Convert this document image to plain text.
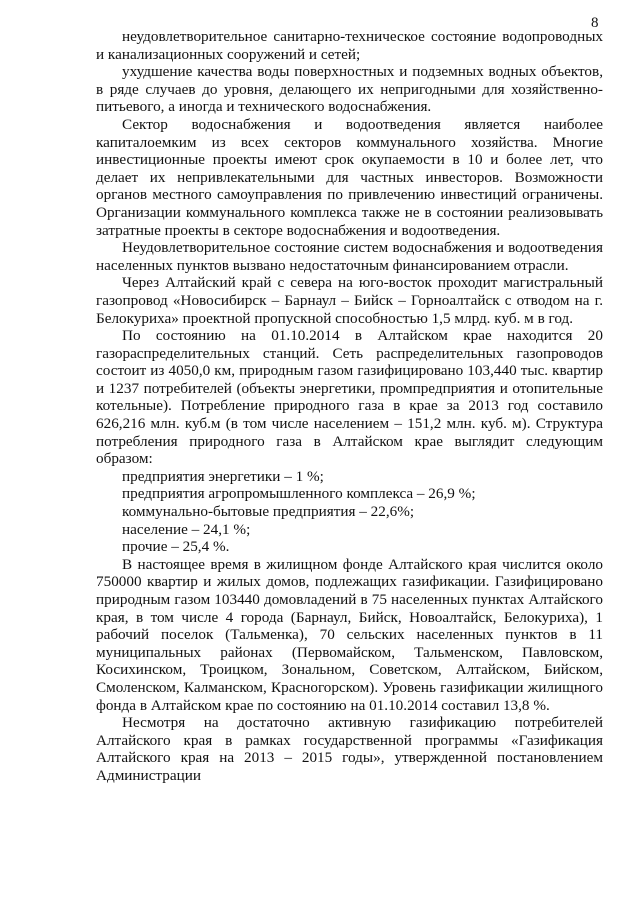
8

неудовлетворительное санитарно-техническое состояние водопроводных и канализационных сооружений и сетей;

ухудшение качества воды поверхностных и подземных водных объектов, в ряде случаев до уровня, делающего их непригодными для хозяйственно-питьевого, а иногда и технического водоснабжения.

Сектор водоснабжения и водоотведения является наиболее капиталоемким из всех секторов коммунального хозяйства. Многие инвестиционные проекты имеют срок окупаемости в 10 и более лет, что делает их непривлекательными для частных инвесторов. Возможности органов местного самоуправления по привлечению инвестиций ограничены. Организации коммунального комплекса также не в состоянии реализовывать затратные проекты в секторе водоснабжения и водоотведения.

Неудовлетворительное состояние систем водоснабжения и водоотведения населенных пунктов вызвано недостаточным финансированием отрасли.

Через Алтайский край с севера на юго-восток проходит магистральный газопровод «Новосибирск – Барнаул – Бийск – Горноалтайск с отводом на г. Белокуриха» проектной пропускной способностью 1,5 млрд. куб. м в год.

По состоянию на 01.10.2014 в Алтайском крае находится 20 газораспределительных станций. Сеть распределительных газопроводов состоит из 4050,0 км, природным газом газифицировано 103,440 тыс. квартир и 1237 потребителей (объекты энергетики, промпредприятия и отопительные котельные). Потребление природного газа в крае за 2013 год составило 626,216 млн. куб.м (в том числе населением – 151,2 млн. куб. м). Структура потребления природного газа в Алтайском крае выглядит следующим образом:

предприятия энергетики – 1 %;

предприятия агропромышленного комплекса – 26,9 %;

коммунально-бытовые предприятия – 22,6%;

население – 24,1 %;

прочие – 25,4 %.

В настоящее время в жилищном фонде Алтайского края числится около 750000 квартир и жилых домов, подлежащих газификации. Газифицировано природным газом 103440 домовладений в 75 населенных пунктах Алтайского края, в том числе 4 города (Барнаул, Бийск, Новоалтайск, Белокуриха), 1 рабочий поселок (Тальменка), 70 сельских населенных пунктов в 11 муниципальных районах (Первомайском, Тальменском, Павловском, Косихинском, Троицком, Зональном, Советском, Алтайском, Бийском, Смоленском, Калманском, Красногорском). Уровень газификации жилищного фонда в Алтайском крае по состоянию на 01.10.2014 составил 13,8 %.

Несмотря на достаточно активную газификацию потребителей Алтайского края в рамках государственной программы «Газификация Алтайского края на 2013 – 2015 годы», утвержденной постановлением Администрации
